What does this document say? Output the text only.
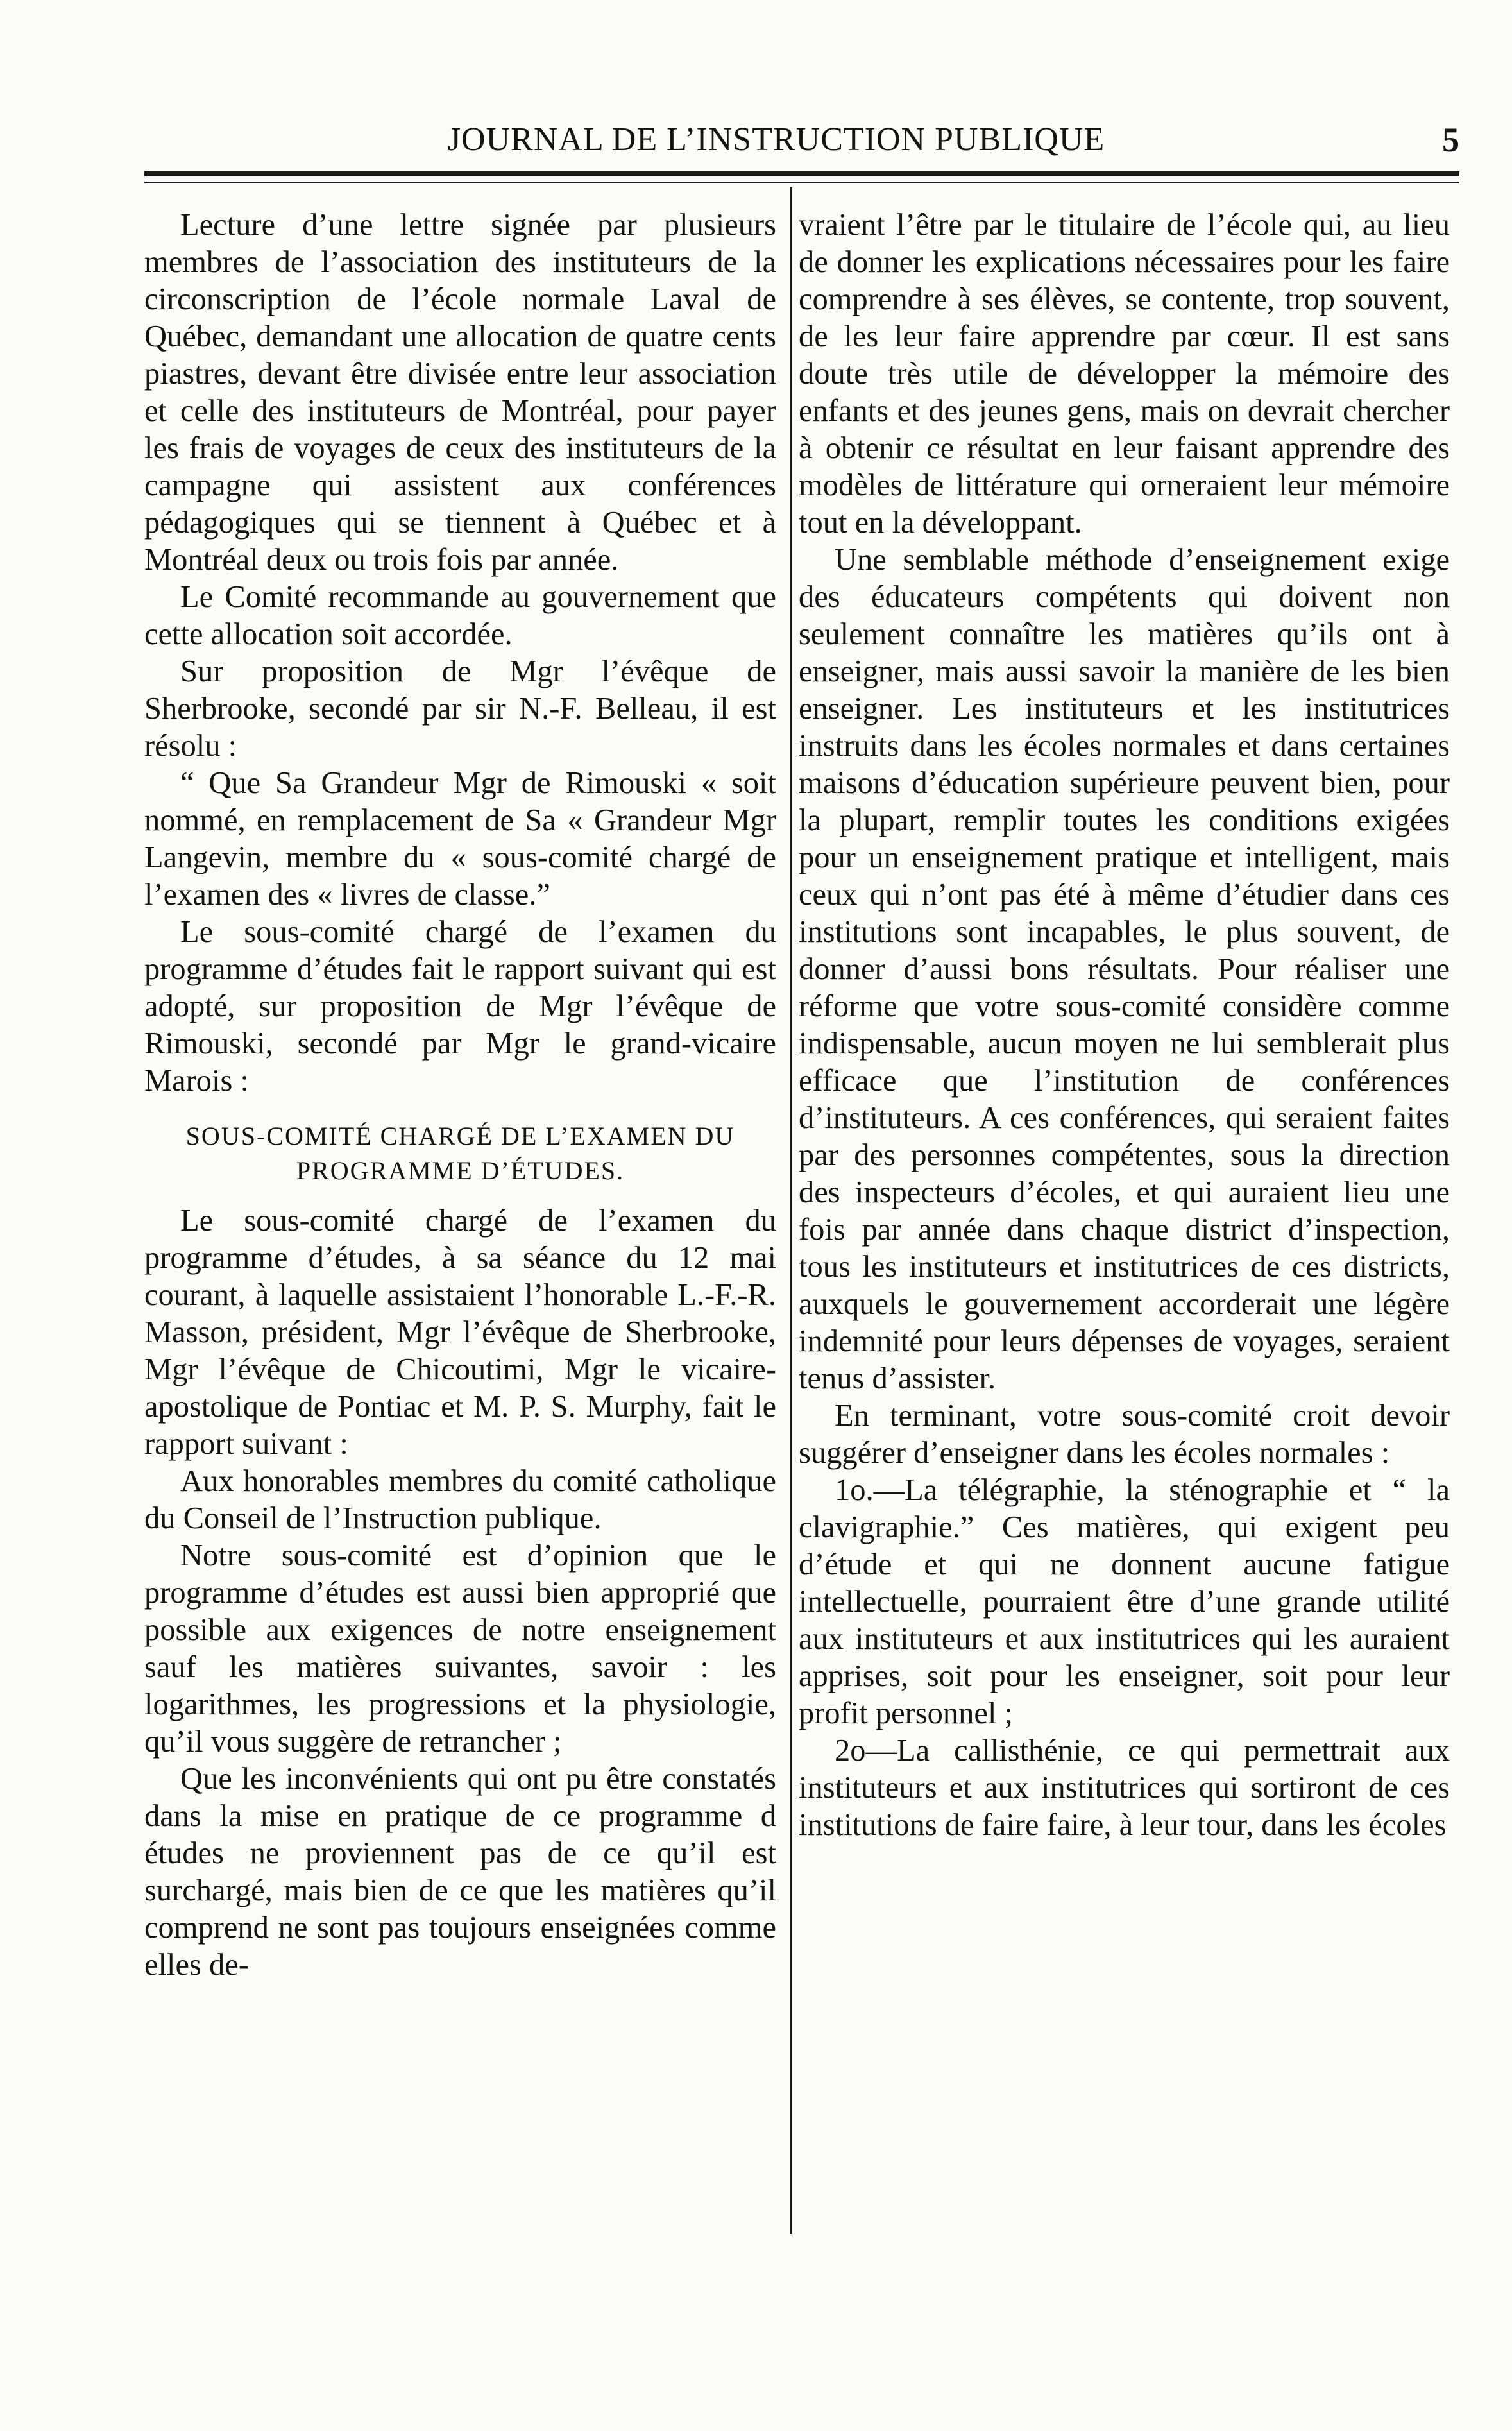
JOURNAL DE L’INSTRUCTION PUBLIQUE	5

Lecture d’une lettre signée par plusieurs membres de l’association des instituteurs de la circonscription de l’école normale Laval de Québec, demandant une allocation de quatre cents piastres, devant être divisée entre leur association et celle des instituteurs de Montréal, pour payer les frais de voyages de ceux des instituteurs de la campagne qui assistent aux conférences pédagogiques qui se tiennent à Québec et à Montréal deux ou trois fois par année.

Le Comité recommande au gouvernement que cette allocation soit accordée.

Sur proposition de Mgr l’évêque de Sherbrooke, secondé par sir N.-F. Belleau, il est résolu :

“ Que Sa Grandeur Mgr de Rimouski « soit nommé, en remplacement de Sa « Grandeur Mgr Langevin, membre du « sous-comité chargé de l’examen des « livres de classe.”

Le sous-comité chargé de l’examen du programme d’études fait le rapport suivant qui est adopté, sur proposition de Mgr l’évêque de Rimouski, secondé par Mgr le grand-vicaire Marois :

SOUS-COMITÉ CHARGÉ DE L’EXAMEN DU
PROGRAMME D’ÉTUDES.

Le sous-comité chargé de l’examen du programme d’études, à sa séance du 12 mai courant, à laquelle assistaient l’honorable L.-F.-R. Masson, président, Mgr l’évêque de Sherbrooke, Mgr l’évêque de Chicoutimi, Mgr le vicaire-apostolique de Pontiac et M. P. S. Murphy, fait le rapport suivant :

Aux honorables membres du comité catholique du Conseil de l’Instruction publique.

Notre sous-comité est d’opinion que le programme d’études est aussi bien approprié que possible aux exigences de notre enseignement sauf les matières suivantes, savoir : les logarithmes, les progressions et la physiologie, qu’il vous suggère de retrancher ;

Que les inconvénients qui ont pu être constatés dans la mise en pratique de ce programme d études ne proviennent pas de ce qu’il est surchargé, mais bien de ce que les matières qu’il comprend ne sont pas toujours enseignées comme elles de-

vraient l’être par le titulaire de l’école qui, au lieu de donner les explications nécessaires pour les faire comprendre à ses élèves, se contente, trop souvent, de les leur faire apprendre par cœur. Il est sans doute très utile de développer la mémoire des enfants et des jeunes gens, mais on devrait chercher à obtenir ce résultat en leur faisant apprendre des modèles de littérature qui orneraient leur mémoire tout en la développant.

Une semblable méthode d’enseignement exige des éducateurs compétents qui doivent non seulement connaître les matières qu’ils ont à enseigner, mais aussi savoir la manière de les bien enseigner. Les instituteurs et les institutrices instruits dans les écoles normales et dans certaines maisons d’éducation supérieure peuvent bien, pour la plupart, remplir toutes les conditions exigées pour un enseignement pratique et intelligent, mais ceux qui n’ont pas été à même d’étudier dans ces institutions sont incapables, le plus souvent, de donner d’aussi bons résultats. Pour réaliser une réforme que votre sous-comité considère comme indispensable, aucun moyen ne lui semblerait plus efficace que l’institution de conférences d’instituteurs. A ces conférences, qui seraient faites par des personnes compétentes, sous la direction des inspecteurs d’écoles, et qui auraient lieu une fois par année dans chaque district d’inspection, tous les instituteurs et institutrices de ces districts, auxquels le gouvernement accorderait une légère indemnité pour leurs dépenses de voyages, seraient tenus d’assister.

En terminant, votre sous-comité croit devoir suggérer d’enseigner dans les écoles normales :

1o.—La télégraphie, la sténographie et “ la clavigraphie.” Ces matières, qui exigent peu d’étude et qui ne donnent aucune fatigue intellectuelle, pourraient être d’une grande utilité aux instituteurs et aux institutrices qui les auraient apprises, soit pour les enseigner, soit pour leur profit personnel ;

2o—La callisthénie, ce qui permettrait aux instituteurs et aux institutrices qui sortiront de ces institutions de faire faire, à leur tour, dans les écoles
